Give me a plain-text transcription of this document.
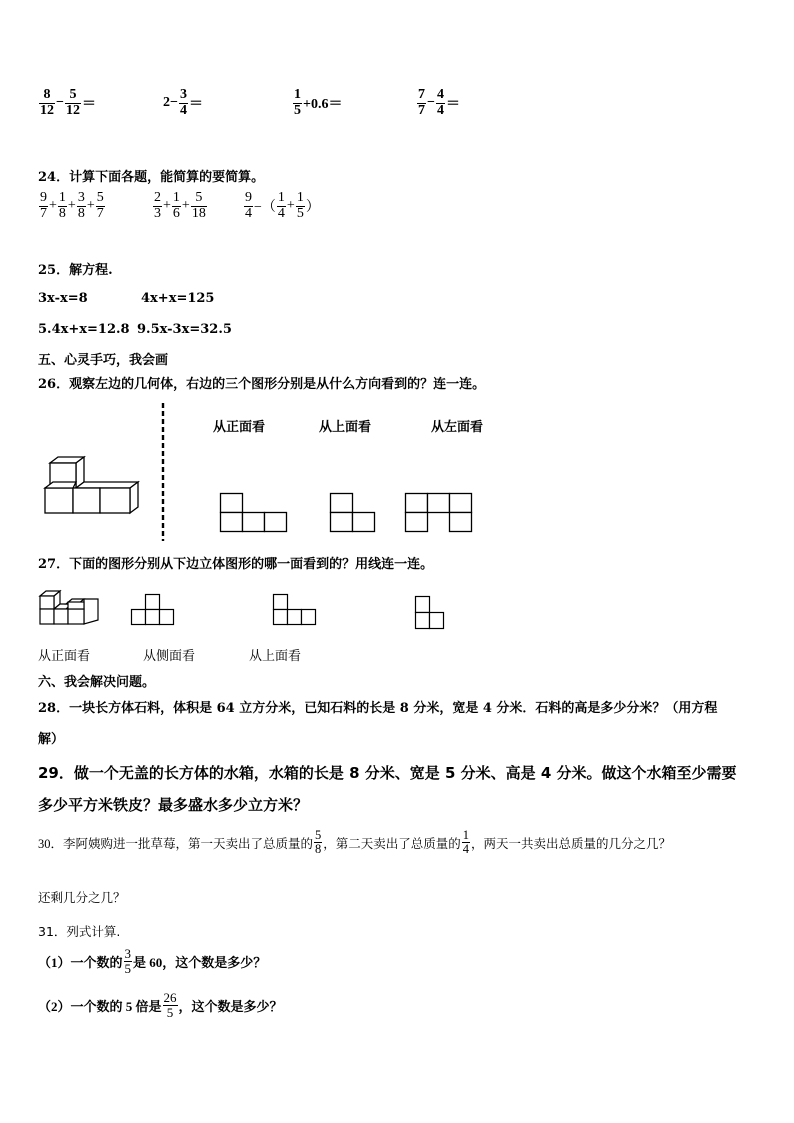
$\frac{8}{12} - \frac{5}{12}$ ＝	$2- \frac{3}{4}$ ＝	$\frac{1}{5} +0.6=$	$\frac{7}{7} - \frac{4}{4}$ ＝
24．计算下面各题，能简算的要简算。
$\frac{9}{7} + \frac{1}{8} + \frac{3}{8} + \frac{5}{7}$	$\frac{2}{3} + \frac{1}{6} + \frac{5}{18}$	$\frac{9}{4}$ −（ $\frac{1}{4} + \frac{1}{5}$ ）
25．解方程.
3x-x=8	4x+x=125
5.4x+x=12.8 9.5x-3x=32.5
五、心灵手巧，我会画
26．观察左边的几何体，右边的三个图形分别是从什么方向看到的？连一连。
从正面看	从上面看	从左面看
27．下面的图形分别从下边立体图形的哪一面看到的？用线连一连。
从正面看	从侧面看	从上面看
六、我会解决问题。
28．一块长方体石料，体积是 64 立方分米，已知石料的长是 8 分米，宽是 4 分米．石料的高是多少分米？（用方程
解）
29．做一个无盖的长方体的水箱，水箱的长是 8 分米、宽是 5 分米、高是 4 分米。做这个水箱至少需要
多少平方米铁皮？最多盛水多少立方米？
30．李阿姨购进一批草莓，第一天卖出了总质量的 $\frac{5}{8}$ ，第二天卖出了总质量的 $\frac{1}{4}$ ，两天一共卖出总质量的几分之几？
还剩几分之几？
31．列式计算.
（1）一个数的 $\frac{3}{5}$ 是 60，这个数是多少？
（2）一个数的 5 倍是 $\frac{26}{5}$ ，这个数是多少？
